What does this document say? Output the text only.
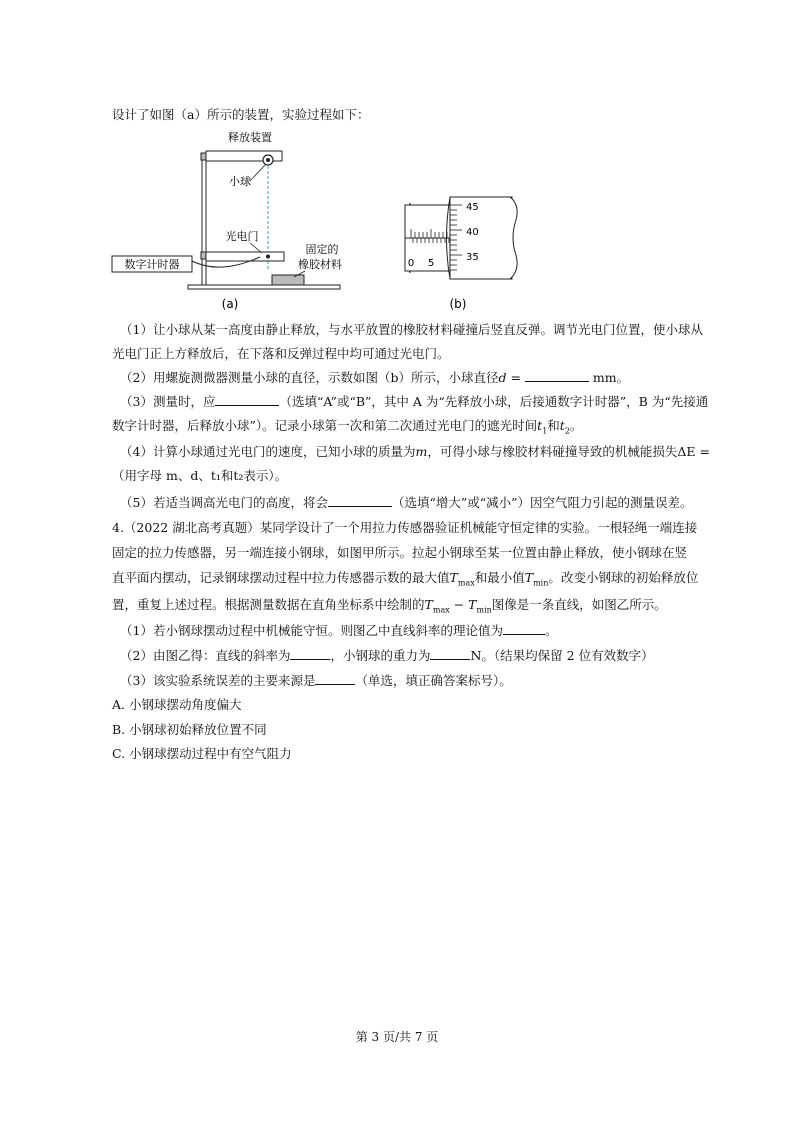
设计了如图（a）所示的装置，实验过程如下：
数字计时器
释放装置
小球
光电门
固定的
橡胶材料
(a)
0 5
45
40
35
(b)
（1）让小球从某一高度由静止释放，与水平放置的橡胶材料碰撞后竖直反弹。调节光电门位置，使小球从
光电门正上方释放后，在下落和反弹过程中均可通过光电门。
（2）用螺旋测微器测量小球的直径，示数如图（b）所示，小球直径d =	mm。
（3）测量时，应	（选填“A”或“B”，其中 A 为“先释放小球，后接通数字计时器”，B 为“先接通
数字计时器，后释放小球”）。记录小球第一次和第二次通过光电门的遮光时间$t_1$和$t_2$。
（4）计算小球通过光电门的速度，已知小球的质量为m，可得小球与橡胶材料碰撞导致的机械能损失ΔE =
（用字母 m、d、t₁和t₂表示）。
（5）若适当调高光电门的高度，将会	（选填“增大”或“减小”）因空气阻力引起的测量误差。
4.（2022 湖北高考真题）某同学设计了一个用拉力传感器验证机械能守恒定律的实验。一根轻绳一端连接
固定的拉力传感器，另一端连接小钢球，如图甲所示。拉起小钢球至某一位置由静止释放，使小钢球在竖
直平面内摆动，记录钢球摆动过程中拉力传感器示数的最大值$T_{max}$和最小值$T_{min}$。改变小钢球的初始释放位
置，重复上述过程。根据测量数据在直角坐标系中绘制的$T_{max} - T_{min}$图像是一条直线，如图乙所示。
（1）若小钢球摆动过程中机械能守恒。则图乙中直线斜率的理论值为	。
（2）由图乙得：直线的斜率为	，小钢球的重力为	N。（结果均保留 2 位有效数字）
（3）该实验系统误差的主要来源是	（单选，填正确答案标号）。
A. 小钢球摆动角度偏大
B. 小钢球初始释放位置不同
C. 小钢球摆动过程中有空气阻力
第 3 页/共 7 页
